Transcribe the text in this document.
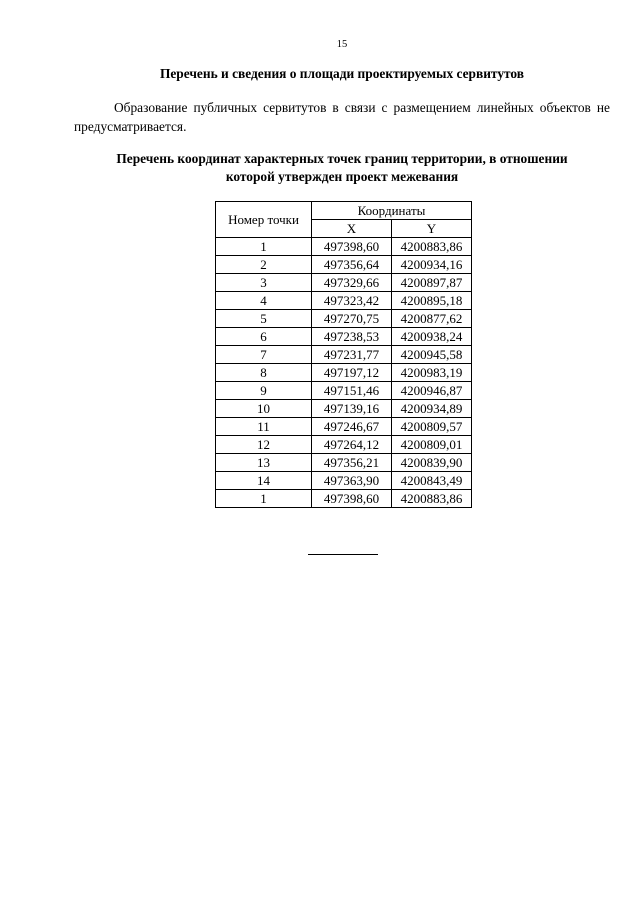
15
Перечень и сведения о площади проектируемых сервитутов
Образование публичных сервитутов в связи с размещением линейных объектов не предусматривается.
Перечень координат характерных точек границ территории, в отношении
которой утвержден проект межевания
Номер точки	Координаты	
	X	Y
1	497398,60	4200883,86
2	497356,64	4200934,16
3	497329,66	4200897,87
4	497323,42	4200895,18
5	497270,75	4200877,62
6	497238,53	4200938,24
7	497231,77	4200945,58
8	497197,12	4200983,19
9	497151,46	4200946,87
10	497139,16	4200934,89
11	497246,67	4200809,57
12	497264,12	4200809,01
13	497356,21	4200839,90
14	497363,90	4200843,49
1	497398,60	4200883,86
